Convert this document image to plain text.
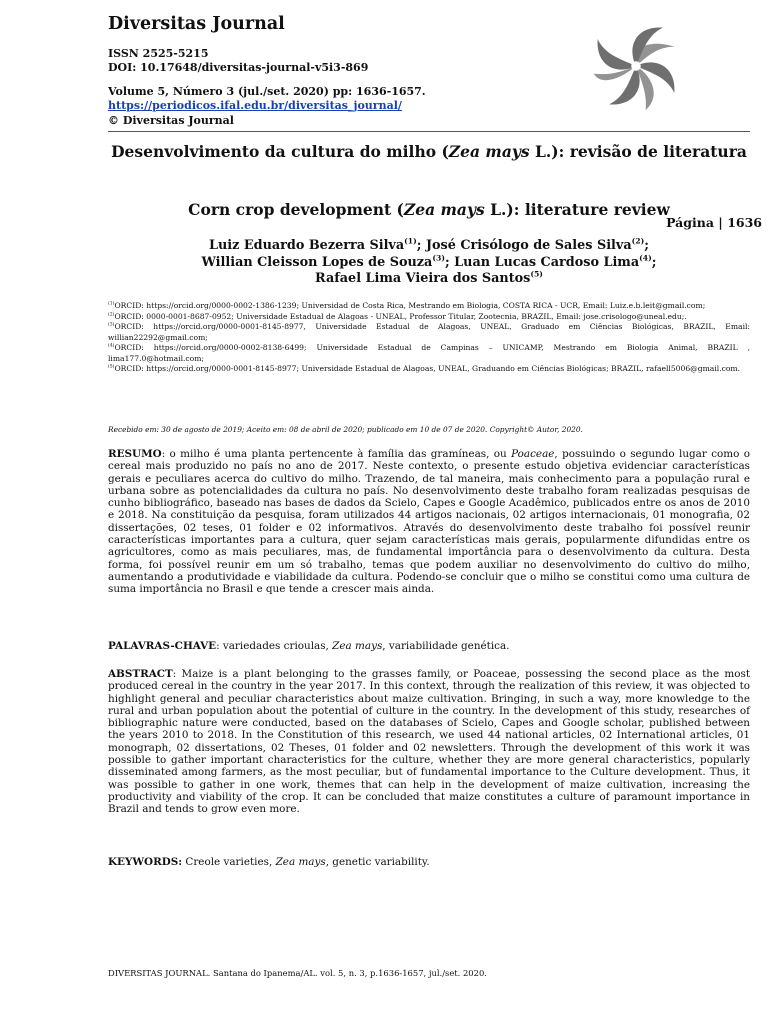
Diversitas Journal
ISSN 2525-5215
DOI: 10.17648/diversitas-journal-v5i3-869
Volume 5, Número 3 (jul./set. 2020) pp: 1636-1657.
https://periodicos.ifal.edu.br/diversitas_journal/
© Diversitas Journal
Desenvolvimento da cultura do milho (Zea mays L.): revisão de literatura
Corn crop development (Zea mays L.): literature review
Página | 1636
Luiz Eduardo Bezerra Silva$^{(1)}$; José Crisólogo de Sales Silva$^{(2)}$;
Willian Cleisson Lopes de Souza$^{(3)}$; Luan Lucas Cardoso Lima$^{(4)}$;
Rafael Lima Vieira dos Santos$^{(5)}$
$^{(1)}$ORCID: https://orcid.org/0000-0002-1386-1239; Universidad de Costa Rica, Mestrando em Biologia, COSTA RICA - UCR, Email: Luiz.e.b.leit@gmail.com;
$^{(2)}$ORCID: 0000-0001-8687-0952; Universidade Estadual de Alagoas - UNEAL, Professor Titular, Zootecnia, BRAZIL, Email: jose.crisologo@uneal.edu;.
$^{(3)}$ORCID: https://orcid.org/0000-0001-8145-8977, Universidade Estadual de Alagoas, UNEAL, Graduado em Ciências Biológicas, BRAZIL, Email: willian22292@gmail.com;
$^{(4)}$ORCID: https://orcid.org/0000-0002-8138-6499; Universidade Estadual de Campinas – UNICAMP, Mestrando em Biologia Animal, BRAZIL , lima177.0@hotmail.com;
$^{(5)}$ORCID: https://orcid.org/0000-0001-8145-8977; Universidade Estadual de Alagoas, UNEAL, Graduando em Ciências Biológicas; BRAZIL, rafaell5006@gmail.com.
Recebido em: 30 de agosto de 2019; Aceito em: 08 de abril de 2020; publicado em 10 de 07 de 2020. Copyright© Autor, 2020.
RESUMO: o milho é uma planta pertencente à família das gramíneas, ou Poaceae, possuindo o segundo lugar como o cereal mais produzido no país no ano de 2017. Neste contexto, o presente estudo objetiva evidenciar características gerais e peculiares acerca do cultivo do milho. Trazendo, de tal maneira, mais conhecimento para a população rural e urbana sobre as potencialidades da cultura no país. No desenvolvimento deste trabalho foram realizadas pesquisas de cunho bibliográfico, baseado nas bases de dados da Scielo, Capes e Google Acadêmico, publicados entre os anos de 2010 e 2018. Na constituição da pesquisa, foram utilizados 44 artigos nacionais, 02 artigos internacionais, 01 monografia, 02 dissertações, 02 teses, 01 folder e 02 informativos. Através do desenvolvimento deste trabalho foi possível reunir características importantes para a cultura, quer sejam características mais gerais, popularmente difundidas entre os agricultores, como as mais peculiares, mas, de fundamental importância para o desenvolvimento da cultura. Desta forma, foi possível reunir em um só trabalho, temas que podem auxiliar no desenvolvimento do cultivo do milho, aumentando a produtividade e viabilidade da cultura. Podendo-se concluir que o milho se constitui como uma cultura de suma importância no Brasil e que tende a crescer mais ainda.
PALAVRAS-CHAVE: variedades crioulas, Zea mays, variabilidade genética.
ABSTRACT: Maize is a plant belonging to the grasses family, or Poaceae, possessing the second place as the most produced cereal in the country in the year 2017. In this context, through the realization of this review, it was objected to highlight general and peculiar characteristics about maize cultivation. Bringing, in such a way, more knowledge to the rural and urban population about the potential of culture in the country. In the development of this study, researches of bibliographic nature were conducted, based on the databases of Scielo, Capes and Google scholar, published between the years 2010 to 2018. In the Constitution of this research, we used 44 national articles, 02 International articles, 01 monograph, 02 dissertations, 02 Theses, 01 folder and 02 newsletters. Through the development of this work it was possible to gather important characteristics for the culture, whether they are more general characteristics, popularly disseminated among farmers, as the most peculiar, but of fundamental importance to the Culture development. Thus, it was possible to gather in one work, themes that can help in the development of maize cultivation, increasing the productivity and viability of the crop. It can be concluded that maize constitutes a culture of paramount importance in Brazil and tends to grow even more.
KEYWORDS: Creole varieties, Zea mays, genetic variability.
DIVERSITAS JOURNAL. Santana do Ipanema/AL. vol. 5, n. 3, p.1636-1657, jul./set. 2020.
